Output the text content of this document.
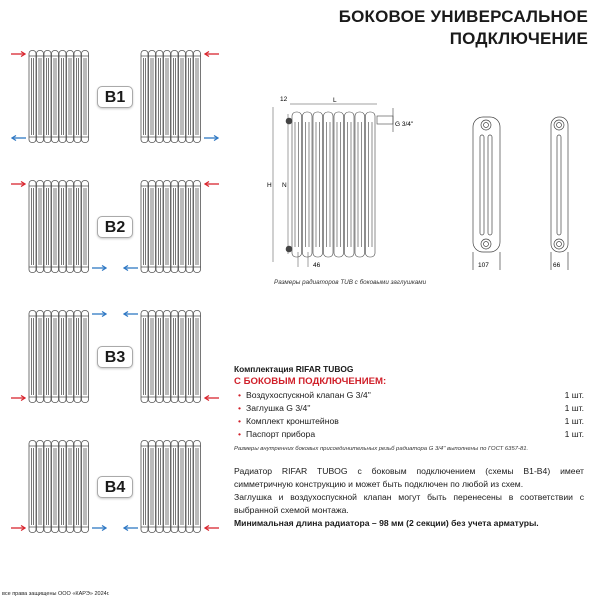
БОКОВОЕ УНИВЕРСАЛЬНОЕ
ПОДКЛЮЧЕНИЕ
B1
B2
B3
B4
12	L
H N
46
G 3/4''
107	66
Размеры радиаторов TUB с боковыми заглушками
Комплектация RIFAR TUBOG
С БОКОВЫМ ПОДКЛЮЧЕНИЕМ:
• Воздухоспускной клапан G 3/4''	1 шт.
• Заглушка G 3/4''	1 шт.
• Комплект кронштейнов	1 шт.
• Паспорт прибора	1 шт.
Размеры внутренних боковых присоединительных резьб радиатора G 3/4'' выполнены по ГОСТ 6357-81.
Радиатор RIFAR TUBOG с боковым подключением (схемы В1-В4) имеет симметричную конструкцию и может быть подключен по любой из схем.
Заглушка и воздухоспускной клапан могут быть перенесены в соответствии с выбранной схемой монтажа.
Минимальная длина радиатора – 98 мм (2 секции) без учета арматуры.
все права защищены ООО «КАРЭ» 2024г.
